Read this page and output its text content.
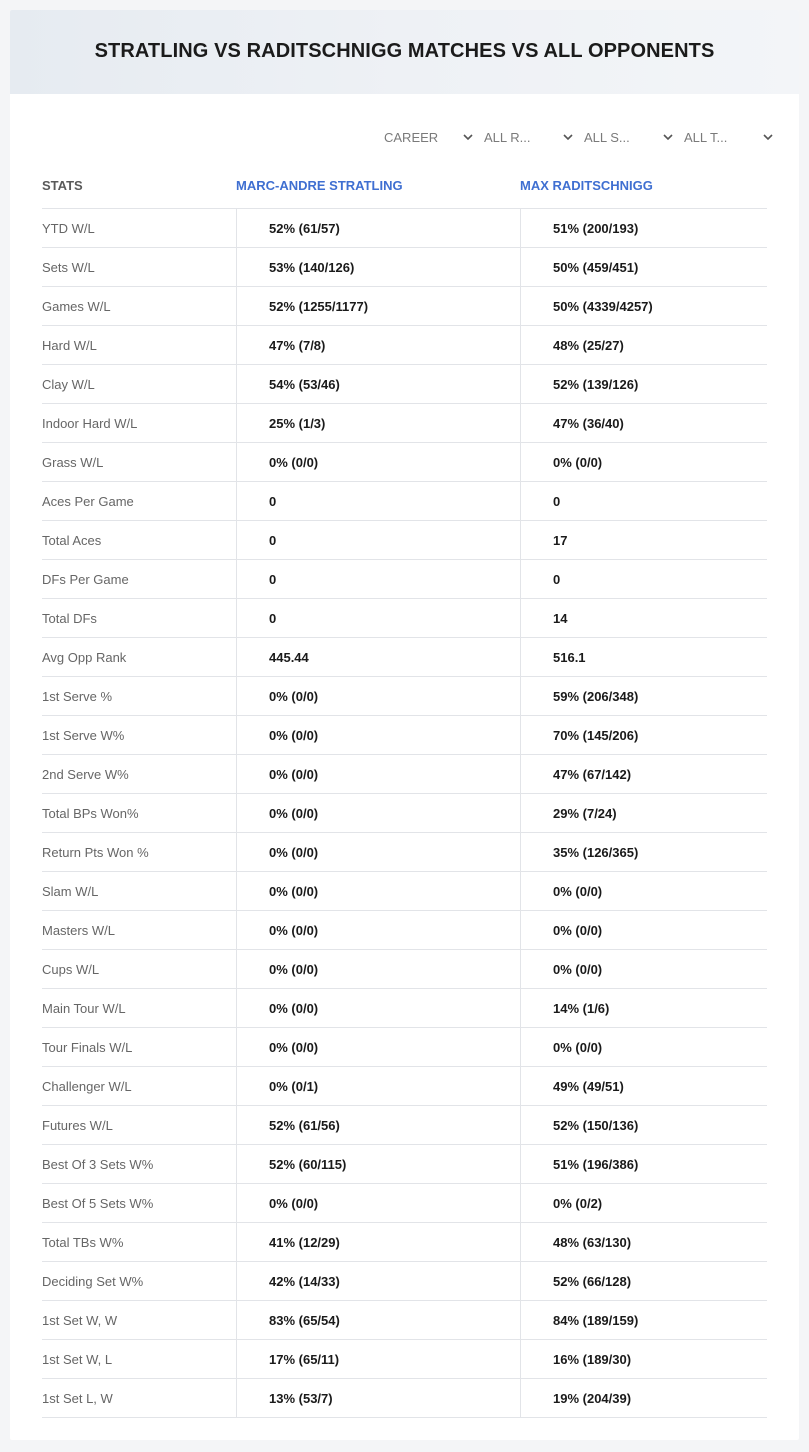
STRATLING VS RADITSCHNIGG MATCHES VS ALL OPPONENTS
CAREER	ALL R...	ALL S...	ALL T...
STATS	MARC-ANDRE STRATLING	MAX RADITSCHNIGG
YTD W/L	52% (61/57)	51% (200/193)
Sets W/L	53% (140/126)	50% (459/451)
Games W/L	52% (1255/1177)	50% (4339/4257)
Hard W/L	47% (7/8)	48% (25/27)
Clay W/L	54% (53/46)	52% (139/126)
Indoor Hard W/L	25% (1/3)	47% (36/40)
Grass W/L	0% (0/0)	0% (0/0)
Aces Per Game	0	0
Total Aces	0	17
DFs Per Game	0	0
Total DFs	0	14
Avg Opp Rank	445.44	516.1
1st Serve %	0% (0/0)	59% (206/348)
1st Serve W%	0% (0/0)	70% (145/206)
2nd Serve W%	0% (0/0)	47% (67/142)
Total BPs Won%	0% (0/0)	29% (7/24)
Return Pts Won %	0% (0/0)	35% (126/365)
Slam W/L	0% (0/0)	0% (0/0)
Masters W/L	0% (0/0)	0% (0/0)
Cups W/L	0% (0/0)	0% (0/0)
Main Tour W/L	0% (0/0)	14% (1/6)
Tour Finals W/L	0% (0/0)	0% (0/0)
Challenger W/L	0% (0/1)	49% (49/51)
Futures W/L	52% (61/56)	52% (150/136)
Best Of 3 Sets W%	52% (60/115)	51% (196/386)
Best Of 5 Sets W%	0% (0/0)	0% (0/2)
Total TBs W%	41% (12/29)	48% (63/130)
Deciding Set W%	42% (14/33)	52% (66/128)
1st Set W, W	83% (65/54)	84% (189/159)
1st Set W, L	17% (65/11)	16% (189/30)
1st Set L, W	13% (53/7)	19% (204/39)
